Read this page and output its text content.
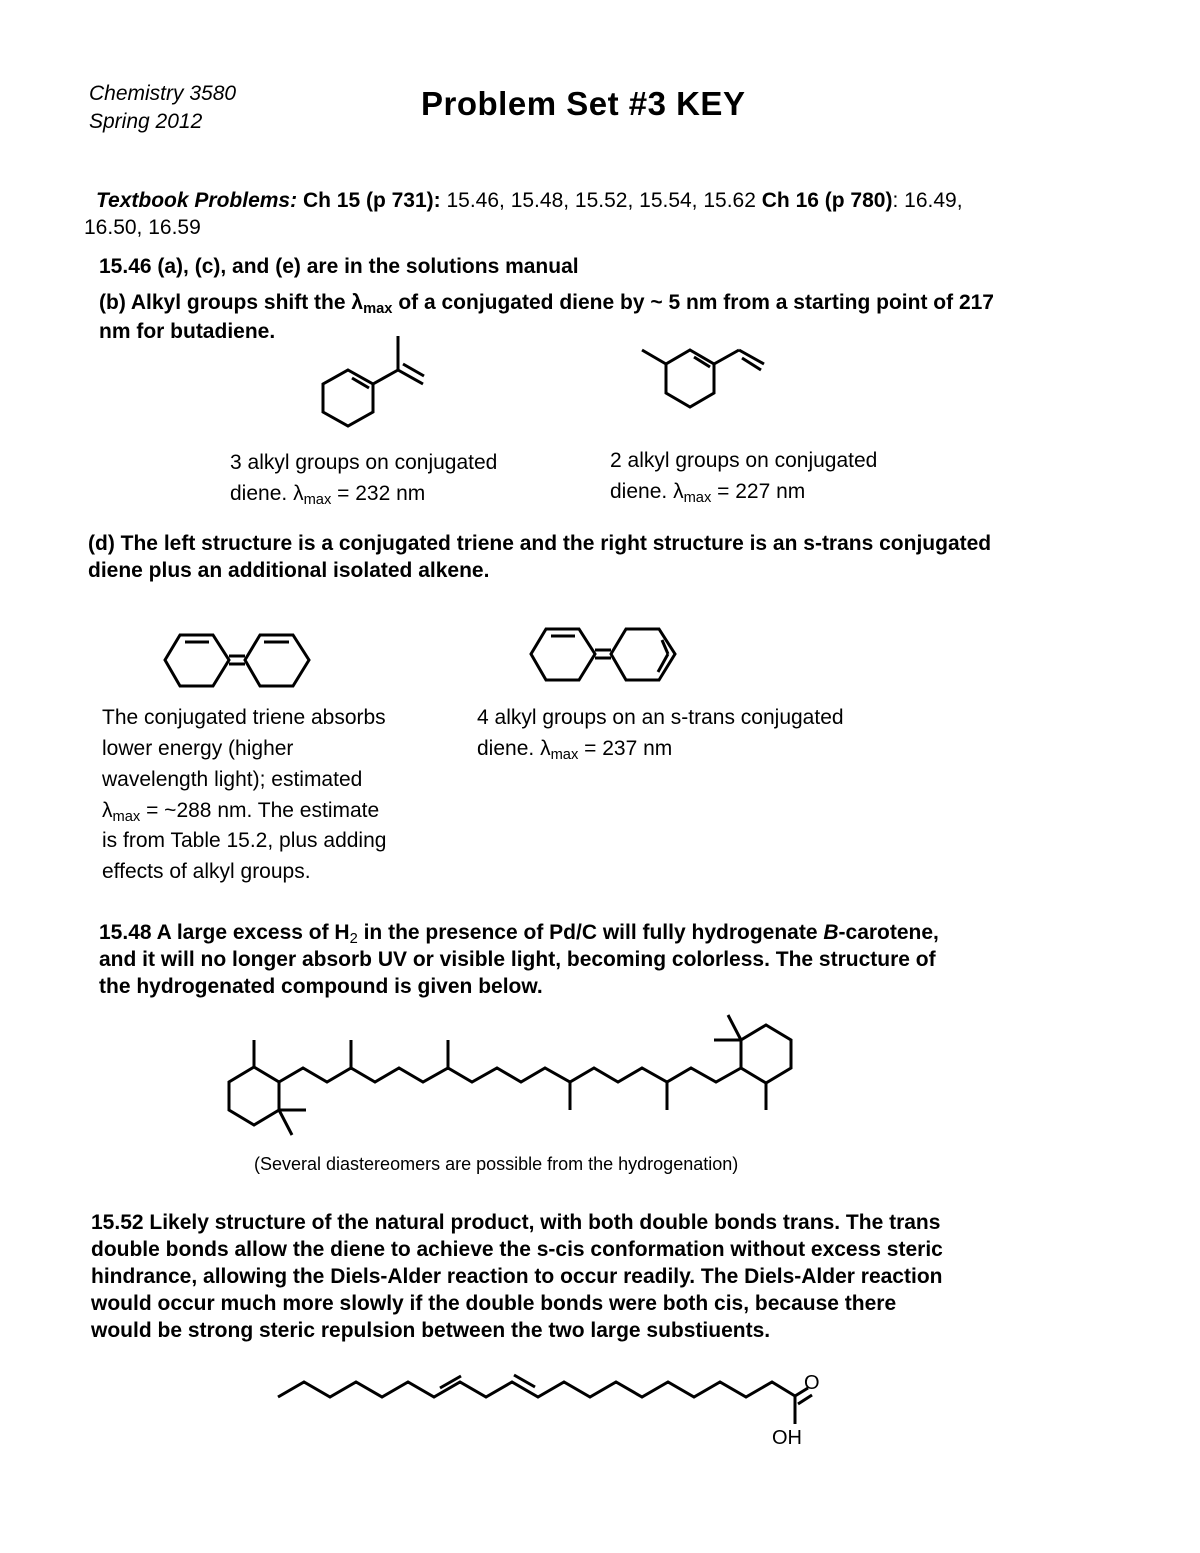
Chemistry 3580
Spring 2012	Problem Set #3 KEY
Textbook Problems: Ch 15 (p 731): 15.46, 15.48, 15.52, 15.54, 15.62 Ch 16 (p 780): 16.49,
16.50, 16.59
15.46 (a), (c), and (e) are in the solutions manual
(b) Alkyl groups shift the $\lambda_{max}$ of a conjugated diene by ~ 5 nm from a starting point of 217
nm for butadiene.
3 alkyl groups on conjugated
diene. $\lambda_{max} = 232$ nm
2 alkyl groups on conjugated
diene. $\lambda_{max} = 227$ nm
(d) The left structure is a conjugated triene and the right structure is an s-trans conjugated
diene plus an additional isolated alkene.
The conjugated triene absorbs
lower energy (higher
wavelength light); estimated
$\lambda_{max}$ = ~288 nm. The estimate
is from Table 15.2, plus adding
effects of alkyl groups.
4 alkyl groups on an s-trans conjugated
diene. $\lambda_{max} = 237$ nm
15.48 A large excess of $H_2$ in the presence of Pd/C will fully hydrogenate B-carotene,
and it will no longer absorb UV or visible light, becoming colorless. The structure of
the hydrogenated compound is given below.
(Several diastereomers are possible from the hydrogenation)
15.52 Likely structure of the natural product, with both double bonds trans. The trans
double bonds allow the diene to achieve the s-cis conformation without excess steric
hindrance, allowing the Diels-Alder reaction to occur readily. The Diels-Alder reaction
would occur much more slowly if the double bonds were both cis, because there
would be strong steric repulsion between the two large substiuents.
O
OH
